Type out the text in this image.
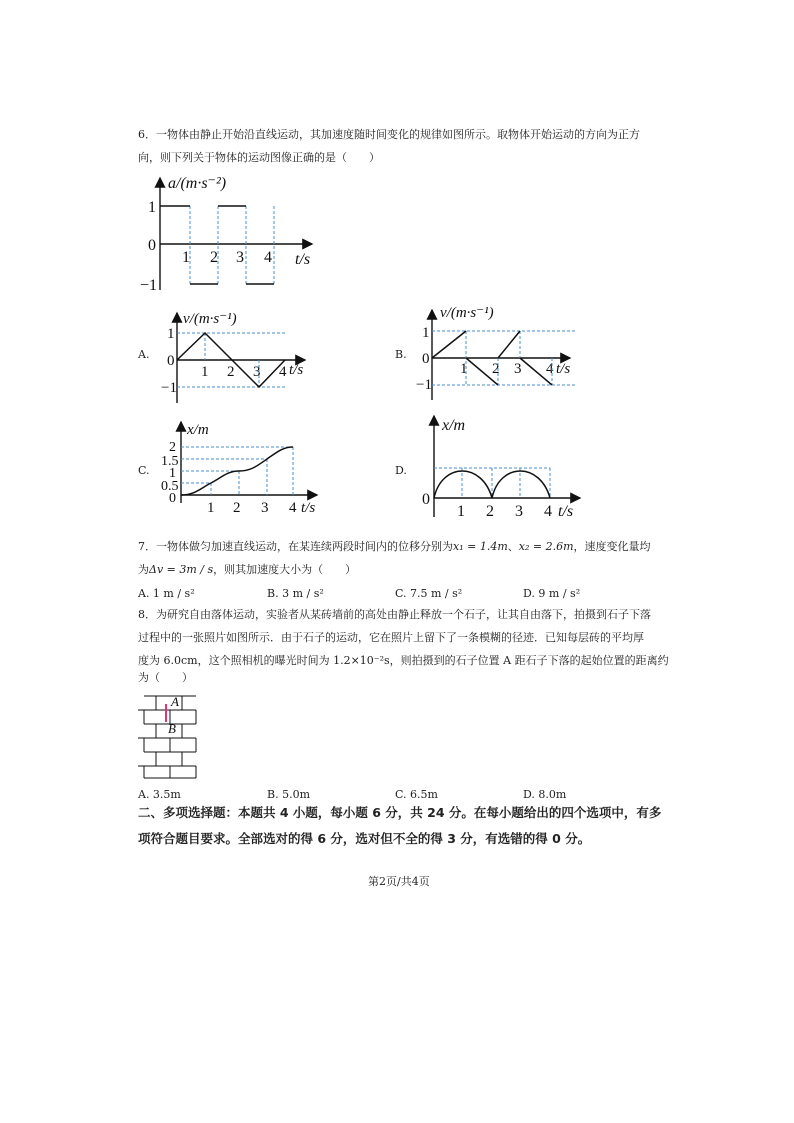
6．一物体由静止开始沿直线运动，其加速度随时间变化的规律如图所示。取物体开始运动的方向为正方
向，则下列关于物体的运动图像正确的是（　　）
a/(m·s⁻²)
t/s
1
0
−1
1 2 3 4
A.
v/(m·s⁻¹)
t/s
1
0
−1
1 2 3 4
B.
v/(m·s⁻¹)
t/s
1
0
−1
1 2 3 4
C.
x/m
t/s
2
1.5
1
0.5
0
1 2 3 4
D.
x/m
t/s
0
1 2 3 4
7．一物体做匀加速直线运动，在某连续两段时间内的位移分别为x₁ = 1.4m、x₂ = 2.6m，速度变化量均
为Δv = 3m / s，则其加速度大小为（　　）
A. 1 m / s²	B. 3 m / s²	C. 7.5 m / s²	D. 9 m / s²
8．为研究自由落体运动，实验者从某砖墙前的高处由静止释放一个石子，让其自由落下，拍摄到石子下落
过程中的一张照片如图所示．由于石子的运动，它在照片上留下了一条模糊的径迹．已知每层砖的平均厚
度为 6.0cm，这个照相机的曝光时间为 1.2×10⁻²s，则拍摄到的石子位置 A 距石子下落的起始位置的距离约
为（　　）
A
B
A. 3.5m	B. 5.0m	C. 6.5m	D. 8.0m
二、多项选择题：本题共 4 小题，每小题 6 分，共 24 分。在每小题给出的四个选项中，有多
项符合题目要求。全部选对的得 6 分，选对但不全的得 3 分，有选错的得 0 分。
第2页/共4页
